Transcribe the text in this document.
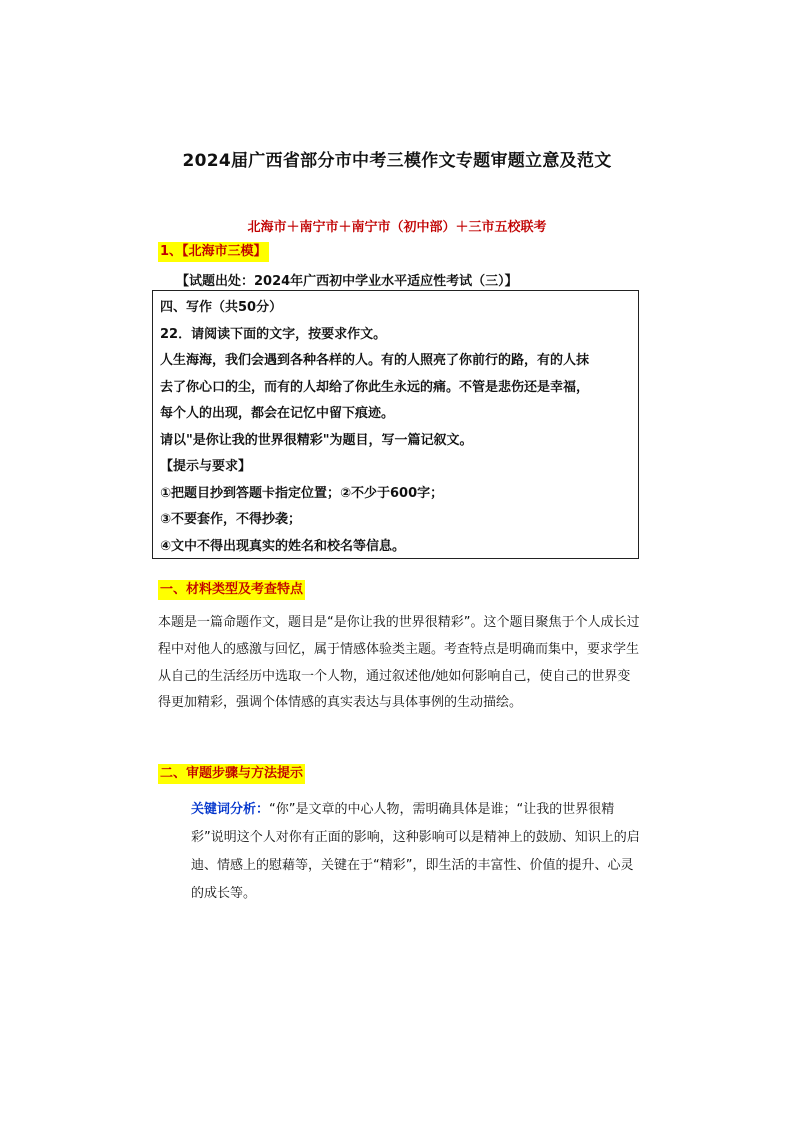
2024届广西省部分市中考三模作文专题审题立意及范文
北海市＋南宁市＋南宁市（初中部）＋三市五校联考
1、【北海市三模】
【试题出处：2024年广西初中学业水平适应性考试（三）】

四、写作（共50分）

22．请阅读下面的文字，按要求作文。

人生海海，我们会遇到各种各样的人。有的人照亮了你前行的路，有的人抹

去了你心口的尘，而有的人却给了你此生永远的痛。不管是悲伤还是幸福，

每个人的出现，都会在记忆中留下痕迹。

请以"是你让我的世界很精彩"为题目，写一篇记叙文。

【提示与要求】

①把题目抄到答题卡指定位置；②不少于600字；

③不要套作，不得抄袭；

④文中不得出现真实的姓名和校名等信息。

一、材料类型及考查特点

本题是一篇命题作文，题目是“是你让我的世界很精彩”。这个题目聚焦于个人成长过程中对他人的感激与回忆，属于情感体验类主题。考查特点是明确而集中，要求学生从自己的生活经历中选取一个人物，通过叙述他/她如何影响自己，使自己的世界变得更加精彩，强调个体情感的真实表达与具体事例的生动描绘。

二、审题步骤与方法提示

关键词分析：“你”是文章的中心人物，需明确具体是谁；“让我的世界很精彩”说明这个人对你有正面的影响，这种影响可以是精神上的鼓励、知识上的启迪、情感上的慰藉等，关键在于“精彩”，即生活的丰富性、价值的提升、心灵的成长等。
